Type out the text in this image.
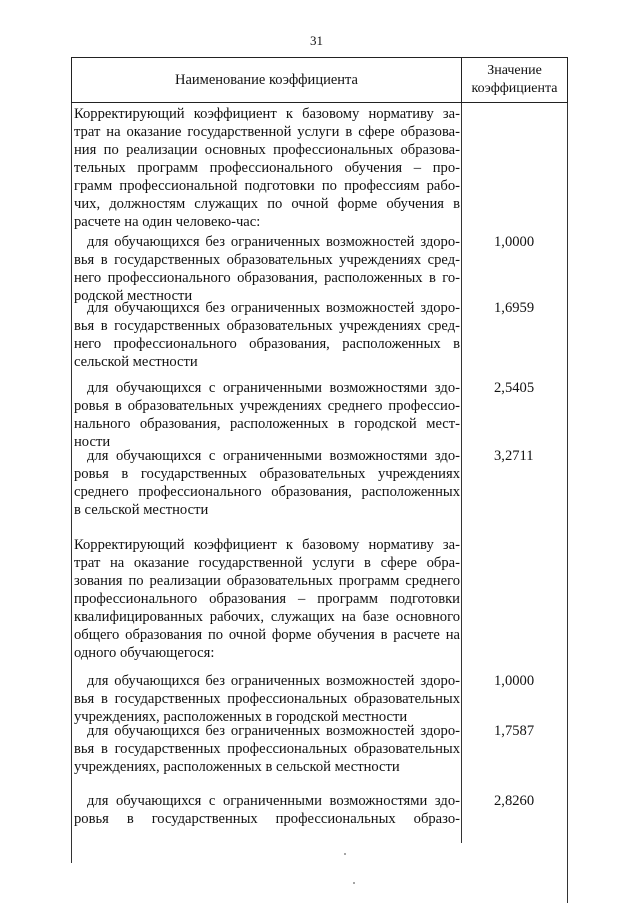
31
Наименование коэффициента
Значение коэффициента
Корректирующий коэффициент к базовому нормативу за-
трат на оказание государственной услуги в сфере образова-
ния по реализации основных профессиональных образова-
тельных программ профессионального обучения – про-
грамм профессиональной подготовки по профессиям рабо-
чих, должностям служащих по очной форме обучения в
расчете на один человеко-час:
для обучающихся без ограниченных возможностей здоро-
вья в государственных образовательных учреждениях сред-
него профессионального образования, расположенных в го-
родской местности
1,0000
для обучающихся без ограниченных возможностей здоро-
вья в государственных образовательных учреждениях сред-
него профессионального образования, расположенных в
сельской местности
1,6959
для обучающихся с ограниченными возможностями здо-
ровья в образовательных учреждениях среднего профессио-
нального образования, расположенных в городской мест-
ности
2,5405
для обучающихся с ограниченными возможностями здо-
ровья в государственных образовательных учреждениях
среднего профессионального образования, расположенных
в сельской местности
3,2711
Корректирующий коэффициент к базовому нормативу за-
трат на оказание государственной услуги в сфере обра-
зования по реализации образовательных программ среднего
профессионального образования – программ подготовки
квалифицированных рабочих, служащих на базе основного
общего образования по очной форме обучения в расчете на
одного обучающегося:
для обучающихся без ограниченных возможностей здоро-
вья в государственных профессиональных образовательных
учреждениях, расположенных в городской местности
1,0000
для обучающихся без ограниченных возможностей здоро-
вья в государственных профессиональных образовательных
учреждениях, расположенных в сельской местности
1,7587
для обучающихся с ограниченными возможностями здо-
ровья в государственных профессиональных образо-
2,8260
